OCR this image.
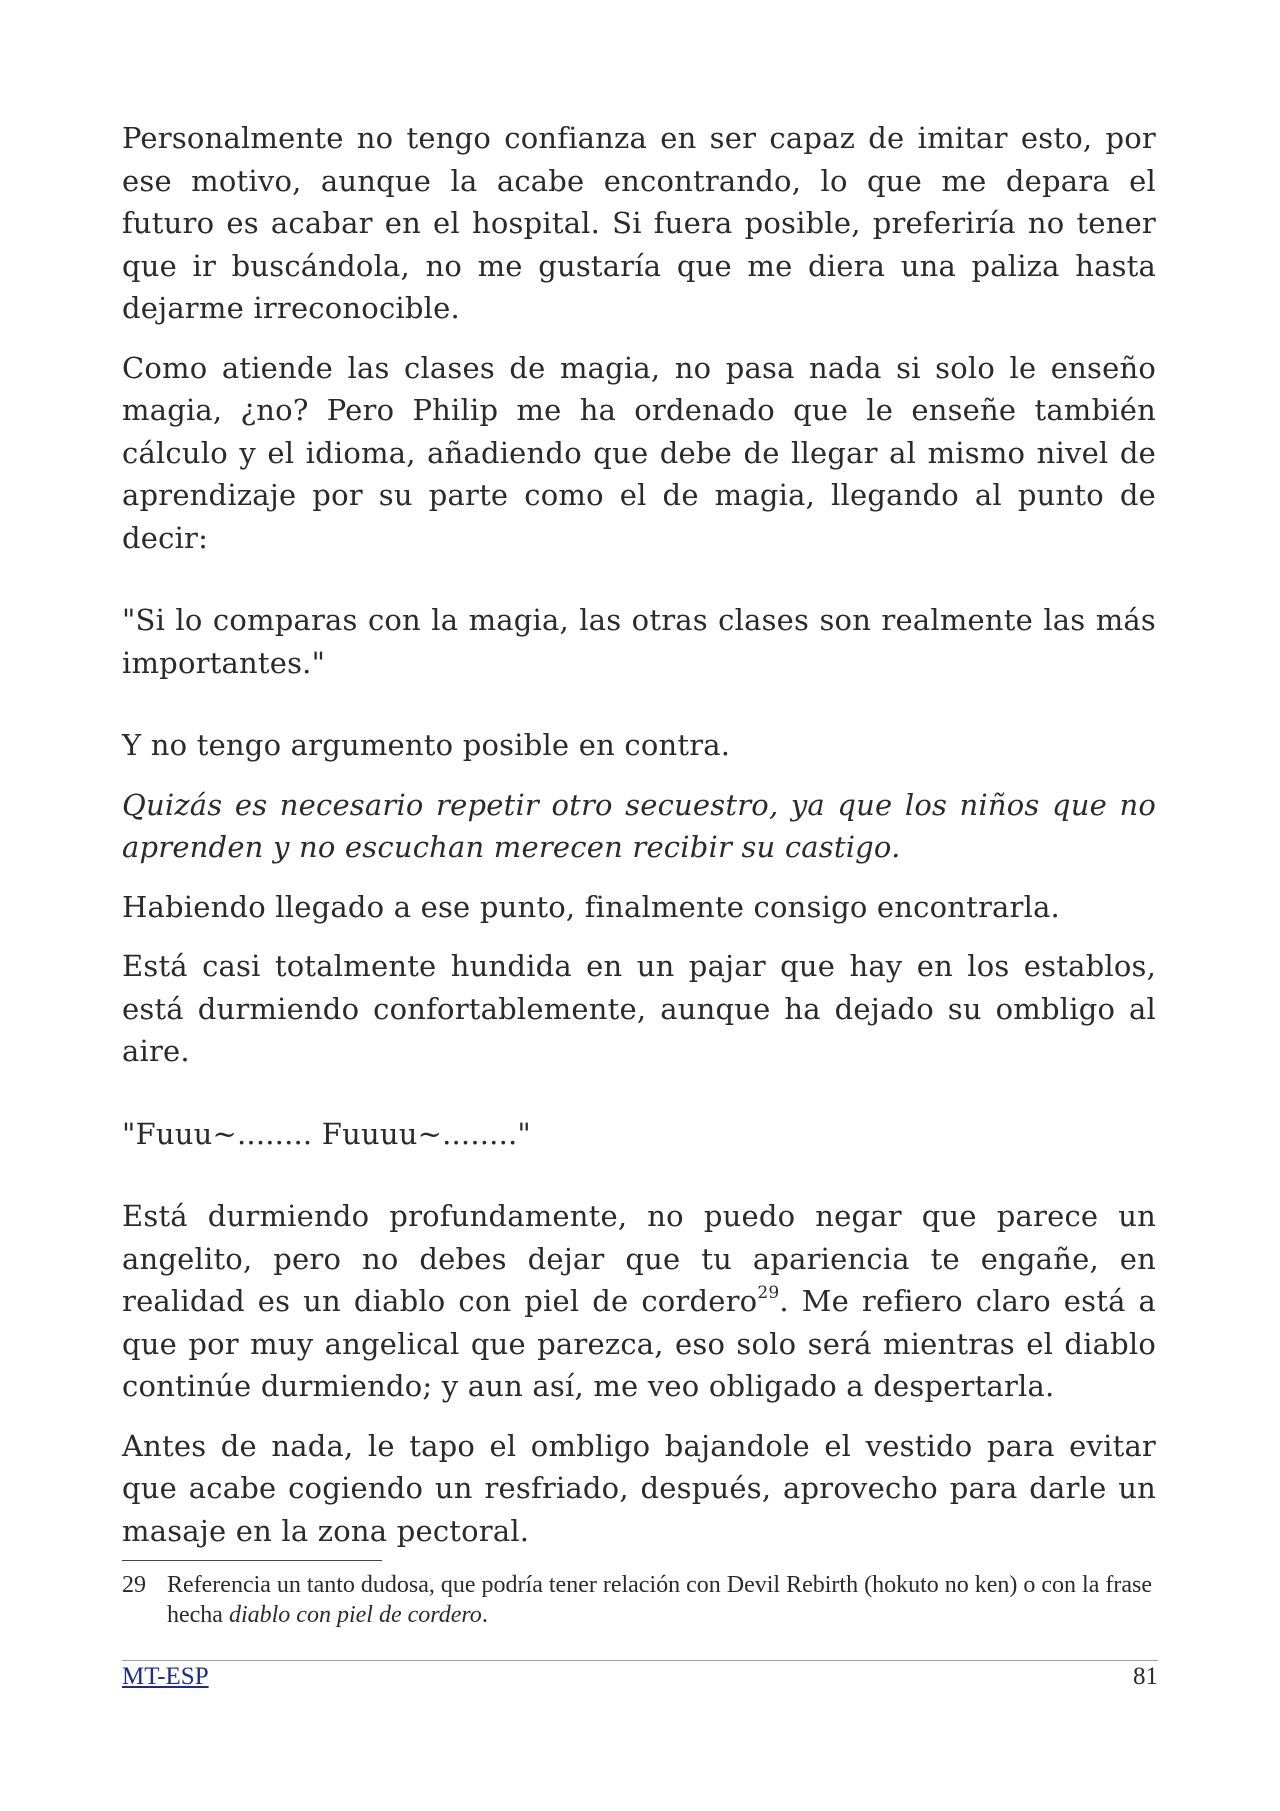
Personalmente no tengo confianza en ser capaz de imitar esto, por ese motivo, aunque la acabe encontrando, lo que me depara el futuro es acabar en el hospital. Si fuera posible, preferiría no tener que ir buscándola, no me gustaría que me diera una paliza hasta dejarme irreconocible.

Como atiende las clases de magia, no pasa nada si solo le enseño magia, ¿no? Pero Philip me ha ordenado que le enseñe también cálculo y el idioma, añadiendo que debe de llegar al mismo nivel de aprendizaje por su parte como el de magia, llegando al punto de decir:

"Si lo comparas con la magia, las otras clases son realmente las más importantes."

Y no tengo argumento posible en contra.

Quizás es necesario repetir otro secuestro, ya que los niños que no aprenden y no escuchan merecen recibir su castigo.

Habiendo llegado a ese punto, finalmente consigo encontrarla.

Está casi totalmente hundida en un pajar que hay en los establos, está durmiendo confortablemente, aunque ha dejado su ombligo al aire.

"Fuuu~........ Fuuuu~........"

Está durmiendo profundamente, no puedo negar que parece un angelito, pero no debes dejar que tu apariencia te engañe, en realidad es un diablo con piel de cordero$^{29}$. Me refiero claro está a que por muy angelical que parezca, eso solo será mientras el diablo continúe durmiendo; y aun así, me veo obligado a despertarla.

Antes de nada, le tapo el ombligo bajandole el vestido para evitar que acabe cogiendo un resfriado, después, aprovecho para darle un masaje en la zona pectoral.

29 Referencia un tanto dudosa, que podría tener relación con Devil Rebirth (hokuto no ken) o con la frase hecha diablo con piel de cordero.
MT-ESP	81
